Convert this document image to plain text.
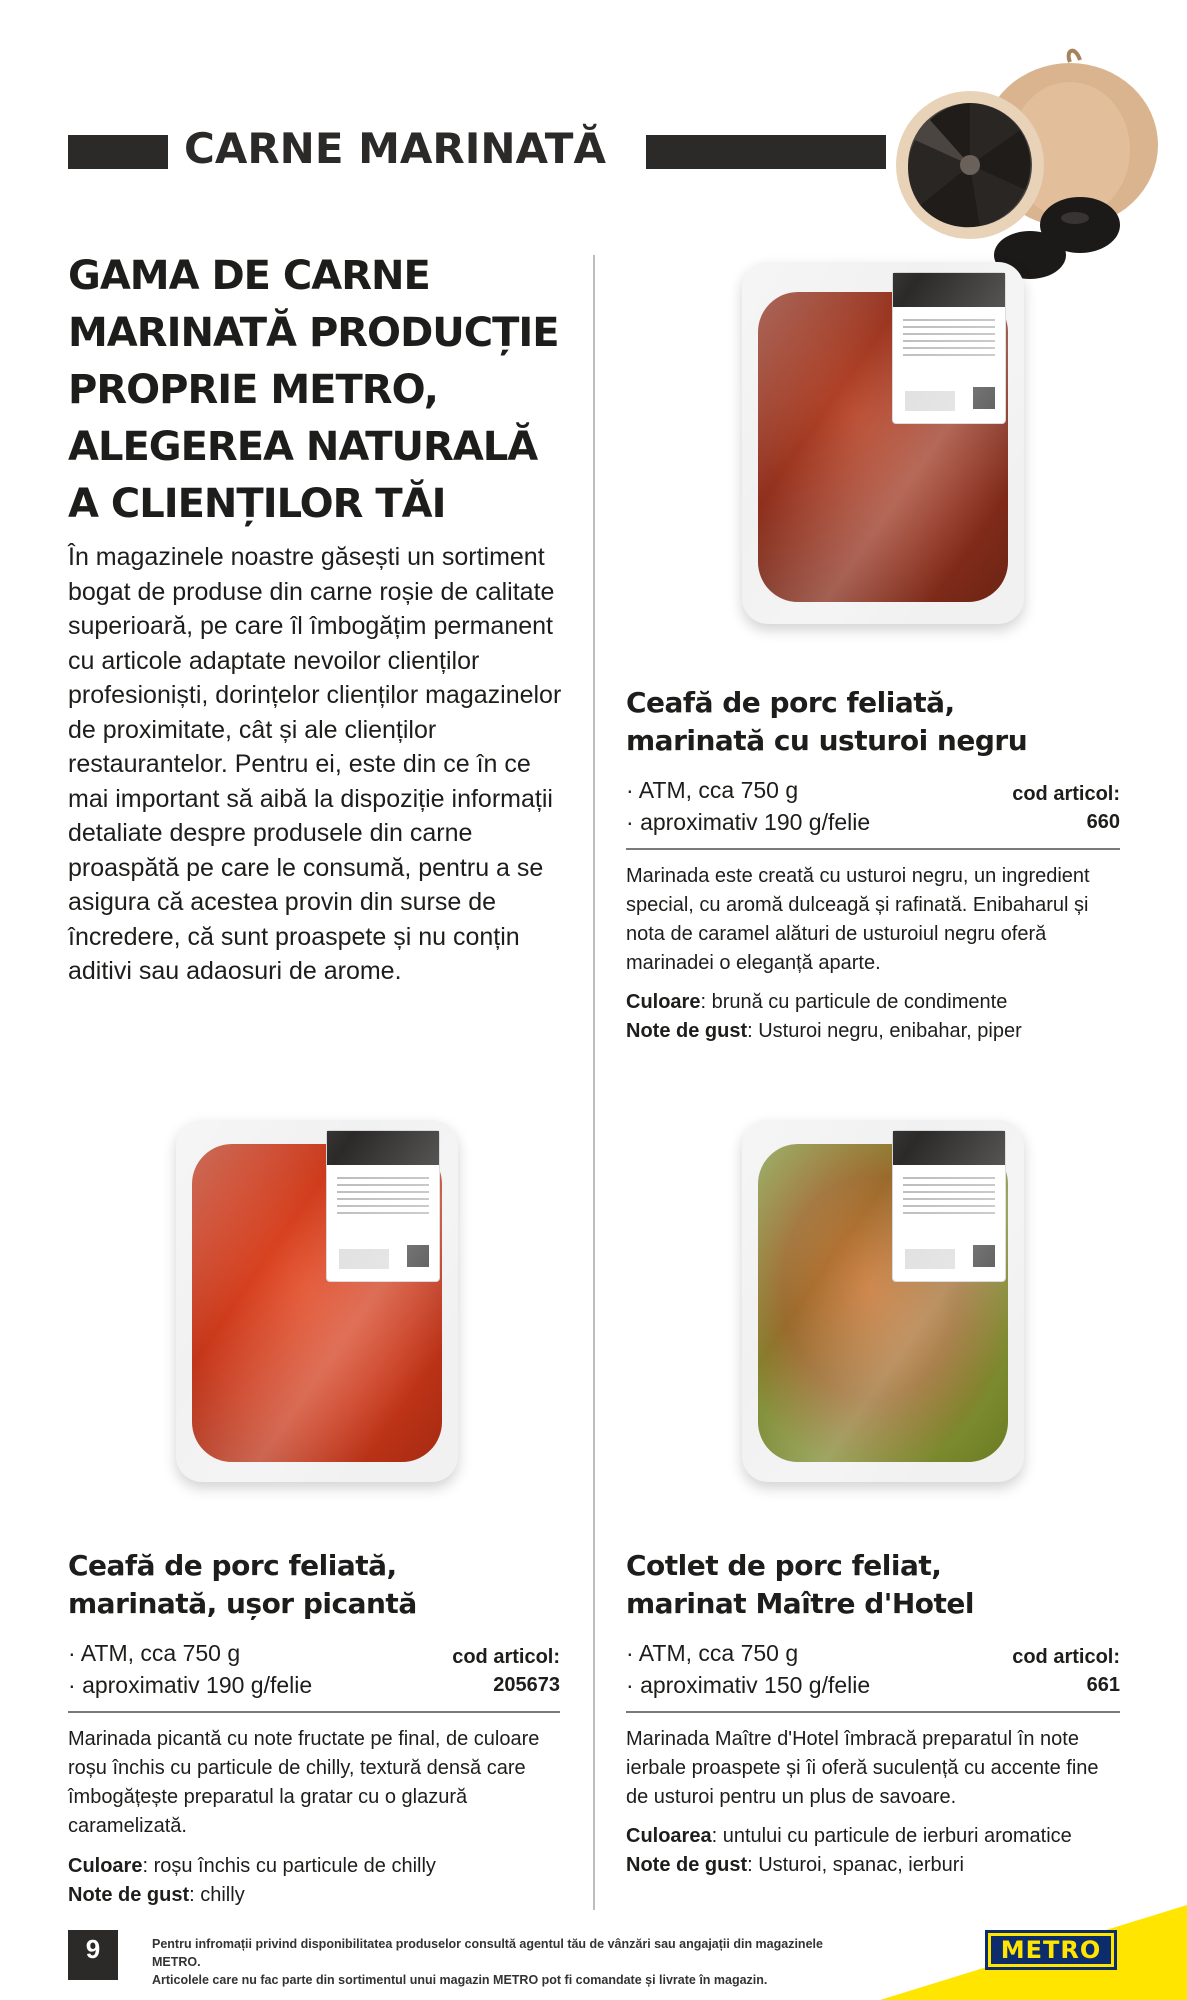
CARNE MARINATĂ
GAMA DE CARNE
MARINATĂ PRODUCȚIE
PROPRIE METRO,
ALEGEREA NATURALĂ
A CLIENȚILOR TĂI
În magazinele noastre găsești un sortiment bogat de produse din carne roșie de calitate superioară, pe care îl îmbogățim permanent cu articole adaptate nevoilor clienților profesioniști, dorințelor clienților magazinelor de proximitate, cât și ale clienților restaurantelor. Pentru ei, este din ce în ce mai important să aibă la dispoziție informații detaliate despre produsele din carne proaspătă pe care le consumă, pentru a se asigura că acestea provin din surse de încredere, că sunt proaspete și nu conțin aditivi sau adaosuri de arome.
Ceafă de porc feliată,
marinată cu usturoi negru
· ATM, cca 750 g
· aproximativ 190 g/felie
cod articol:
660
Marinada este creată cu usturoi negru, un ingredient special, cu aromă dulceagă și rafinată. Enibaharul și nota de caramel alături de usturoiul negru oferă marinadei o eleganță aparte.
Culoare: brună cu particule de condimente
Note de gust: Usturoi negru, enibahar, piper
Ceafă de porc feliată,
marinată, ușor picantă
· ATM, cca 750 g
· aproximativ 190 g/felie
cod articol:
205673
Marinada picantă cu note fructate pe final, de culoare roșu închis cu particule de chilly, textură densă care îmbogățește preparatul la gratar cu o glazură caramelizată.
Culoare: roșu închis cu particule de chilly
Note de gust: chilly
Cotlet de porc feliat,
marinat Maître d'Hotel
· ATM, cca 750 g
· aproximativ 150 g/felie
cod articol:
661
Marinada Maître d'Hotel îmbracă preparatul în note ierbale proaspete și îi oferă suculență cu accente fine de usturoi pentru un plus de savoare.
Culoarea: untului cu particule de ierburi aromatice
Note de gust: Usturoi, spanac, ierburi
9	Pentru infromații privind disponibilitatea produselor consultă agentul tău de vânzări sau angajații din magazinele METRO.
Articolele care nu fac parte din sortimentul unui magazin METRO pot fi comandate și livrate în magazin.
METRO
